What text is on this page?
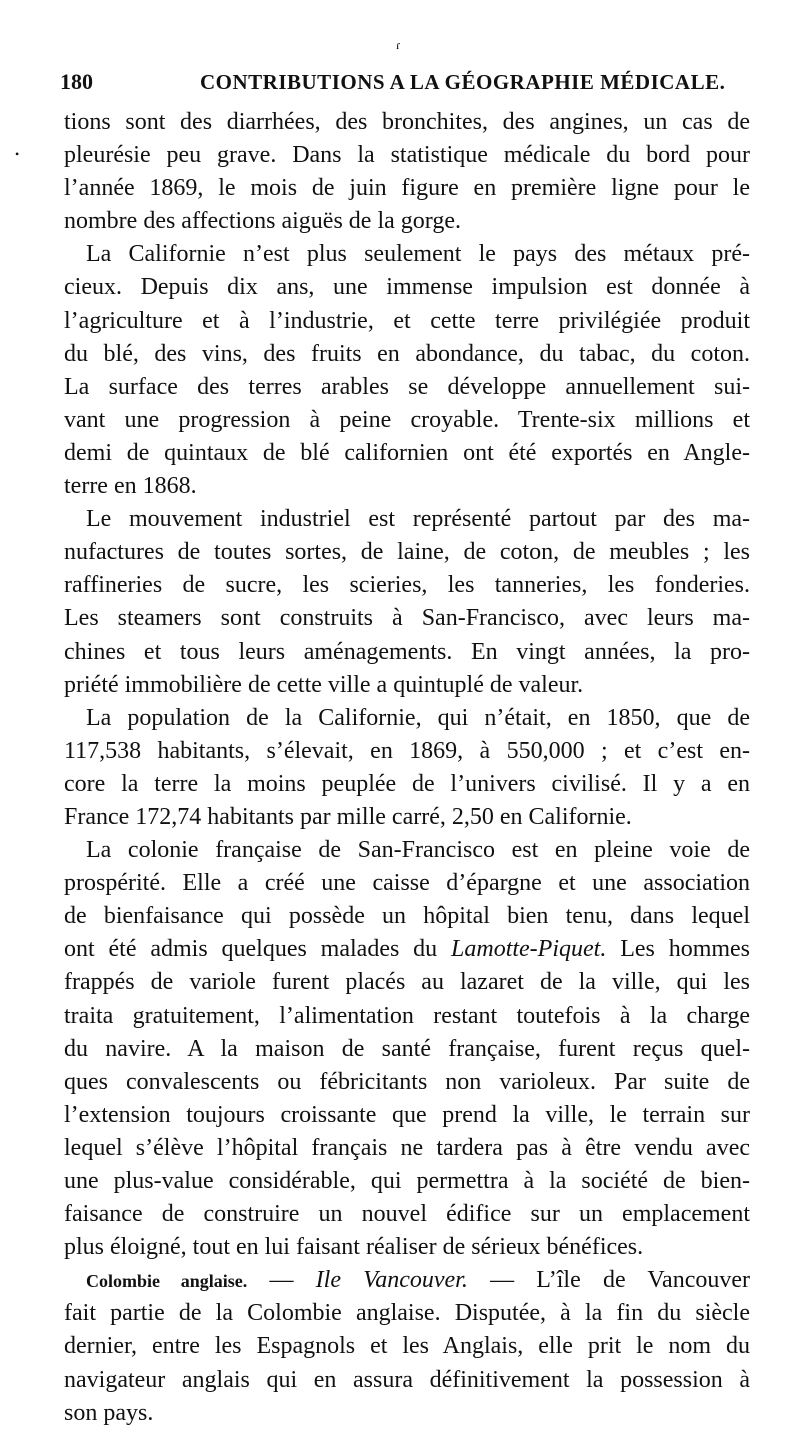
ɾ
180	CONTRIBUTIONS A LA GÉOGRAPHIE MÉDICALE.
•
tions sont des diarrhées, des bronchites, des angines, un cas de
pleurésie peu grave. Dans la statistique médicale du bord pour
l’année 1869, le mois de juin figure en première ligne pour le
nombre des affections aiguës de la gorge.
La Californie n’est plus seulement le pays des métaux pré-
cieux. Depuis dix ans, une immense impulsion est donnée à
l’agriculture et à l’industrie, et cette terre privilégiée produit
du blé, des vins, des fruits en abondance, du tabac, du coton.
La surface des terres arables se développe annuellement sui-
vant une progression à peine croyable. Trente-six millions et
demi de quintaux de blé californien ont été exportés en Angle-
terre en 1868.
Le mouvement industriel est représenté partout par des ma-
nufactures de toutes sortes, de laine, de coton, de meubles ; les
raffineries de sucre, les scieries, les tanneries, les fonderies.
Les steamers sont construits à San-Francisco, avec leurs ma-
chines et tous leurs aménagements. En vingt années, la pro-
priété immobilière de cette ville a quintuplé de valeur.
La population de la Californie, qui n’était, en 1850, que de
117,538 habitants, s’élevait, en 1869, à 550,000 ; et c’est en-
core la terre la moins peuplée de l’univers civilisé. Il y a en
France 172,74 habitants par mille carré, 2,50 en Californie.
La colonie française de San-Francisco est en pleine voie de
prospérité. Elle a créé une caisse d’épargne et une association
de bienfaisance qui possède un hôpital bien tenu, dans lequel
ont été admis quelques malades du Lamotte-Piquet. Les hommes
frappés de variole furent placés au lazaret de la ville, qui les
traita gratuitement, l’alimentation restant toutefois à la charge
du navire. A la maison de santé française, furent reçus quel-
ques convalescents ou fébricitants non varioleux. Par suite de
l’extension toujours croissante que prend la ville, le terrain sur
lequel s’élève l’hôpital français ne tardera pas à être vendu avec
une plus-value considérable, qui permettra à la société de bien-
faisance de construire un nouvel édifice sur un emplacement
plus éloigné, tout en lui faisant réaliser de sérieux bénéfices.
Colombie anglaise. — Ile Vancouver. — L’île de Vancouver
fait partie de la Colombie anglaise. Disputée, à la fin du siècle
dernier, entre les Espagnols et les Anglais, elle prit le nom du
navigateur anglais qui en assura définitivement la possession à
son pays.
